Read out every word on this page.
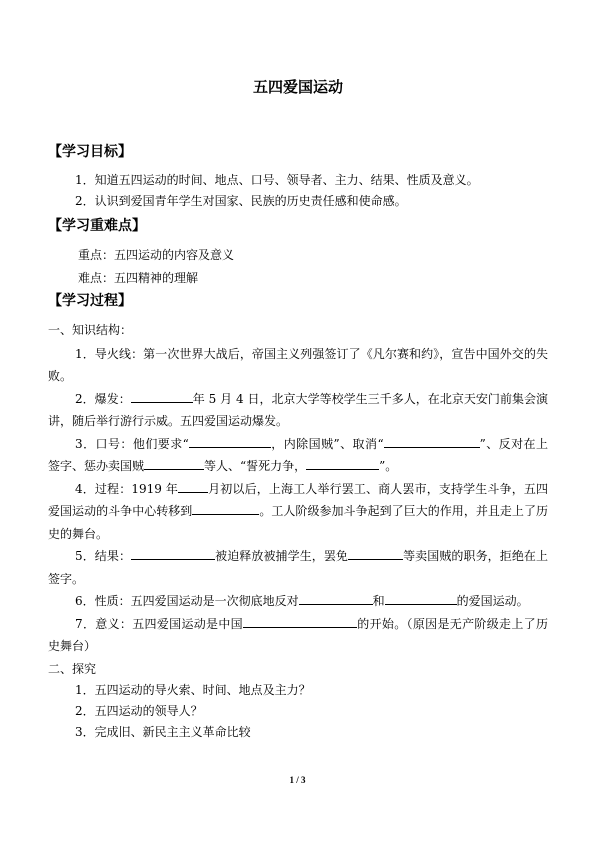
五四爱国运动
【学习目标】
1．知道五四运动的时间、地点、口号、领导者、主力、结果、性质及意义。
2．认识到爱国青年学生对国家、民族的历史责任感和使命感。
【学习重难点】
重点：五四运动的内容及意义
难点：五四精神的理解
【学习过程】
一、知识结构：
1．导火线：第一次世界大战后，帝国主义列强签订了《凡尔赛和约》，宣告中国外交的失败。
2．爆发：	年 5 月 4 日，北京大学等校学生三千多人，在北京天安门前集会演讲，随后举行游行示威。五四爱国运动爆发。
3．口号：他们要求“	，内除国贼”、取消“	”、反对在上签字、惩办卖国贼	等人、“誓死力争，	”。
4．过程：1919 年	月初以后，上海工人举行罢工、商人罢市，支持学生斗争，五四爱国运动的斗争中心转移到	。工人阶级参加斗争起到了巨大的作用，并且走上了历史的舞台。
5．结果：	被迫释放被捕学生，罢免	等卖国贼的职务，拒绝在上签字。
6．性质：五四爱国运动是一次彻底地反对	和	的爱国运动。
7．意义：五四爱国运动是中国	的开始。（原因是无产阶级走上了历史舞台）
二、探究
1．五四运动的导火索、时间、地点及主力？
2．五四运动的领导人？
3．完成旧、新民主主义革命比较
1 / 3
